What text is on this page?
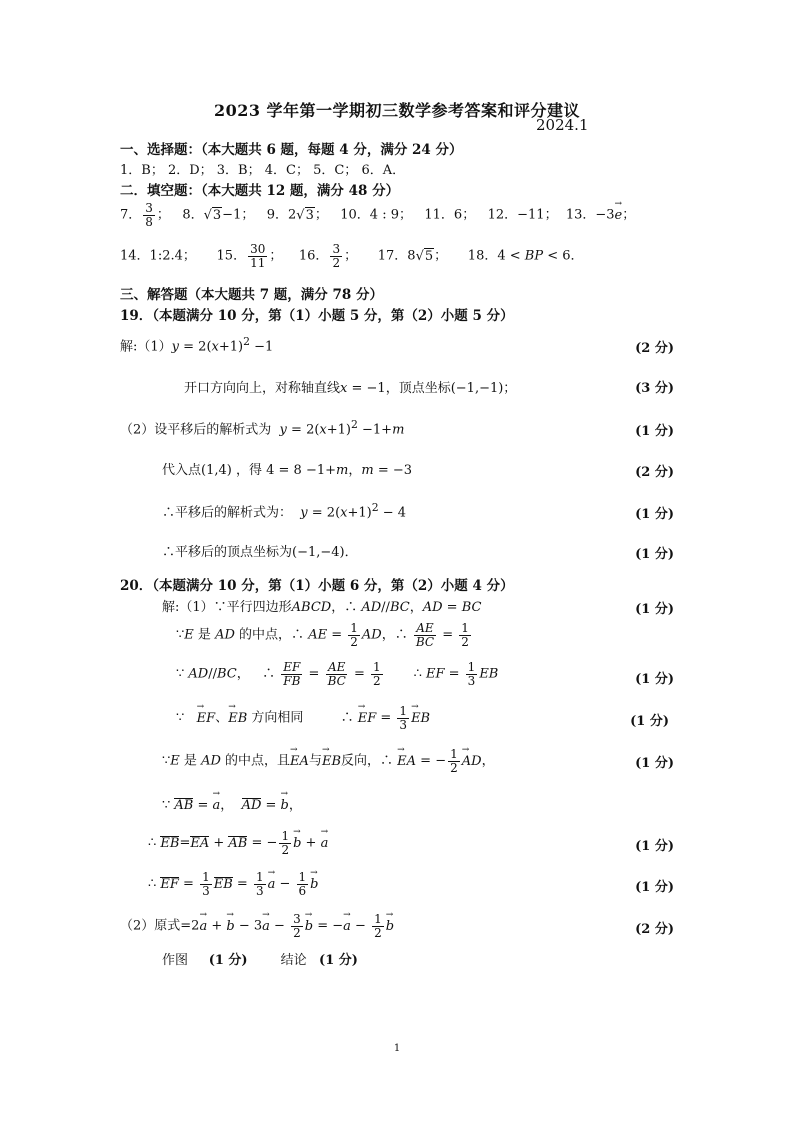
2023 学年第一学期初三数学参考答案和评分建议
2024.1
一、选择题：（本大题共 6 题，每题 4 分，满分 24 分）
1．B； 2．D； 3．B； 4．C； 5．C； 6．A．
二．填空题：（本大题共 12 题，满分 48 分）
7． $\frac{3}{8}$ ；   8．√3−1；   9．2√3；   10．4 : 9；   11．6；   12．−11；  13．−3→ e；
14．1:2.4；     15． $\frac{30}{11}$ ；    16． $\frac{3}{2}$ ；     17．8√5；     18．4 < BP < 6．
三、解答题（本大题共 7 题，满分 78 分）
19．（本题满分 10 分，第（1）小题 5 分，第（2）小题 5 分）
解:（1）y = $2(x+1)^2 -1$	(2 分)
开口方向向上，对称轴直线x = −1，顶点坐标(−1,−1)；	(3 分)
（2）设平移后的解析式为 $y = 2(x+1)^2 -1+m$	(1 分)
代入点(1,4) ，得 4 = 8 −1+m，m = −3	(2 分)
∴平移后的解析式为： $y = 2(x+1)^2 - 4$	(1 分)
∴平移后的顶点坐标为(−1,−4)．	(1 分)
20．（本题满分 10 分，第（1）小题 6 分，第（2）小题 4 分）
解:（1）∵平行四边形ABCD，∴ AD//BC，AD = BC	(1 分)
∵E 是 AD 的中点，∴ AE = $\frac{1}{2}$ AD，∴ $\frac{AE}{BC} = \frac{1}{2}$
∵ AD//BC，   ∴ $\frac{EF}{FB} = \frac{AE}{BC} = \frac{1}{2}$ ∴ EF = $\frac{1}{3}$ EB	(1 分)
∵   → EF、→ EB 方向相同         ∴ → EF = $\frac{1}{3}$
→ EB	(1 分)
∵E 是 AD 的中点，且→ EA与→ EB反向，∴ → EA = − $\frac{1}{2}$
→ AD，	(1 分)
∵ AB = → a，  AD = → b，
∴ EB=EA + AB = − $\frac{1}{2}$
→ b + → a	(1 分)
∴ EF = $\frac{1}{3}$ EB = $\frac{1}{3}$
→ $a - \frac{1}{6}$
→ b	(1 分)
（2）原式=2→ a + → $b - 3\to a - \frac{3}{2}$
→ b = −→ $a - \frac{1}{2}$
→ b	(2 分)
作图 (1 分)	结论 (1 分)
1
